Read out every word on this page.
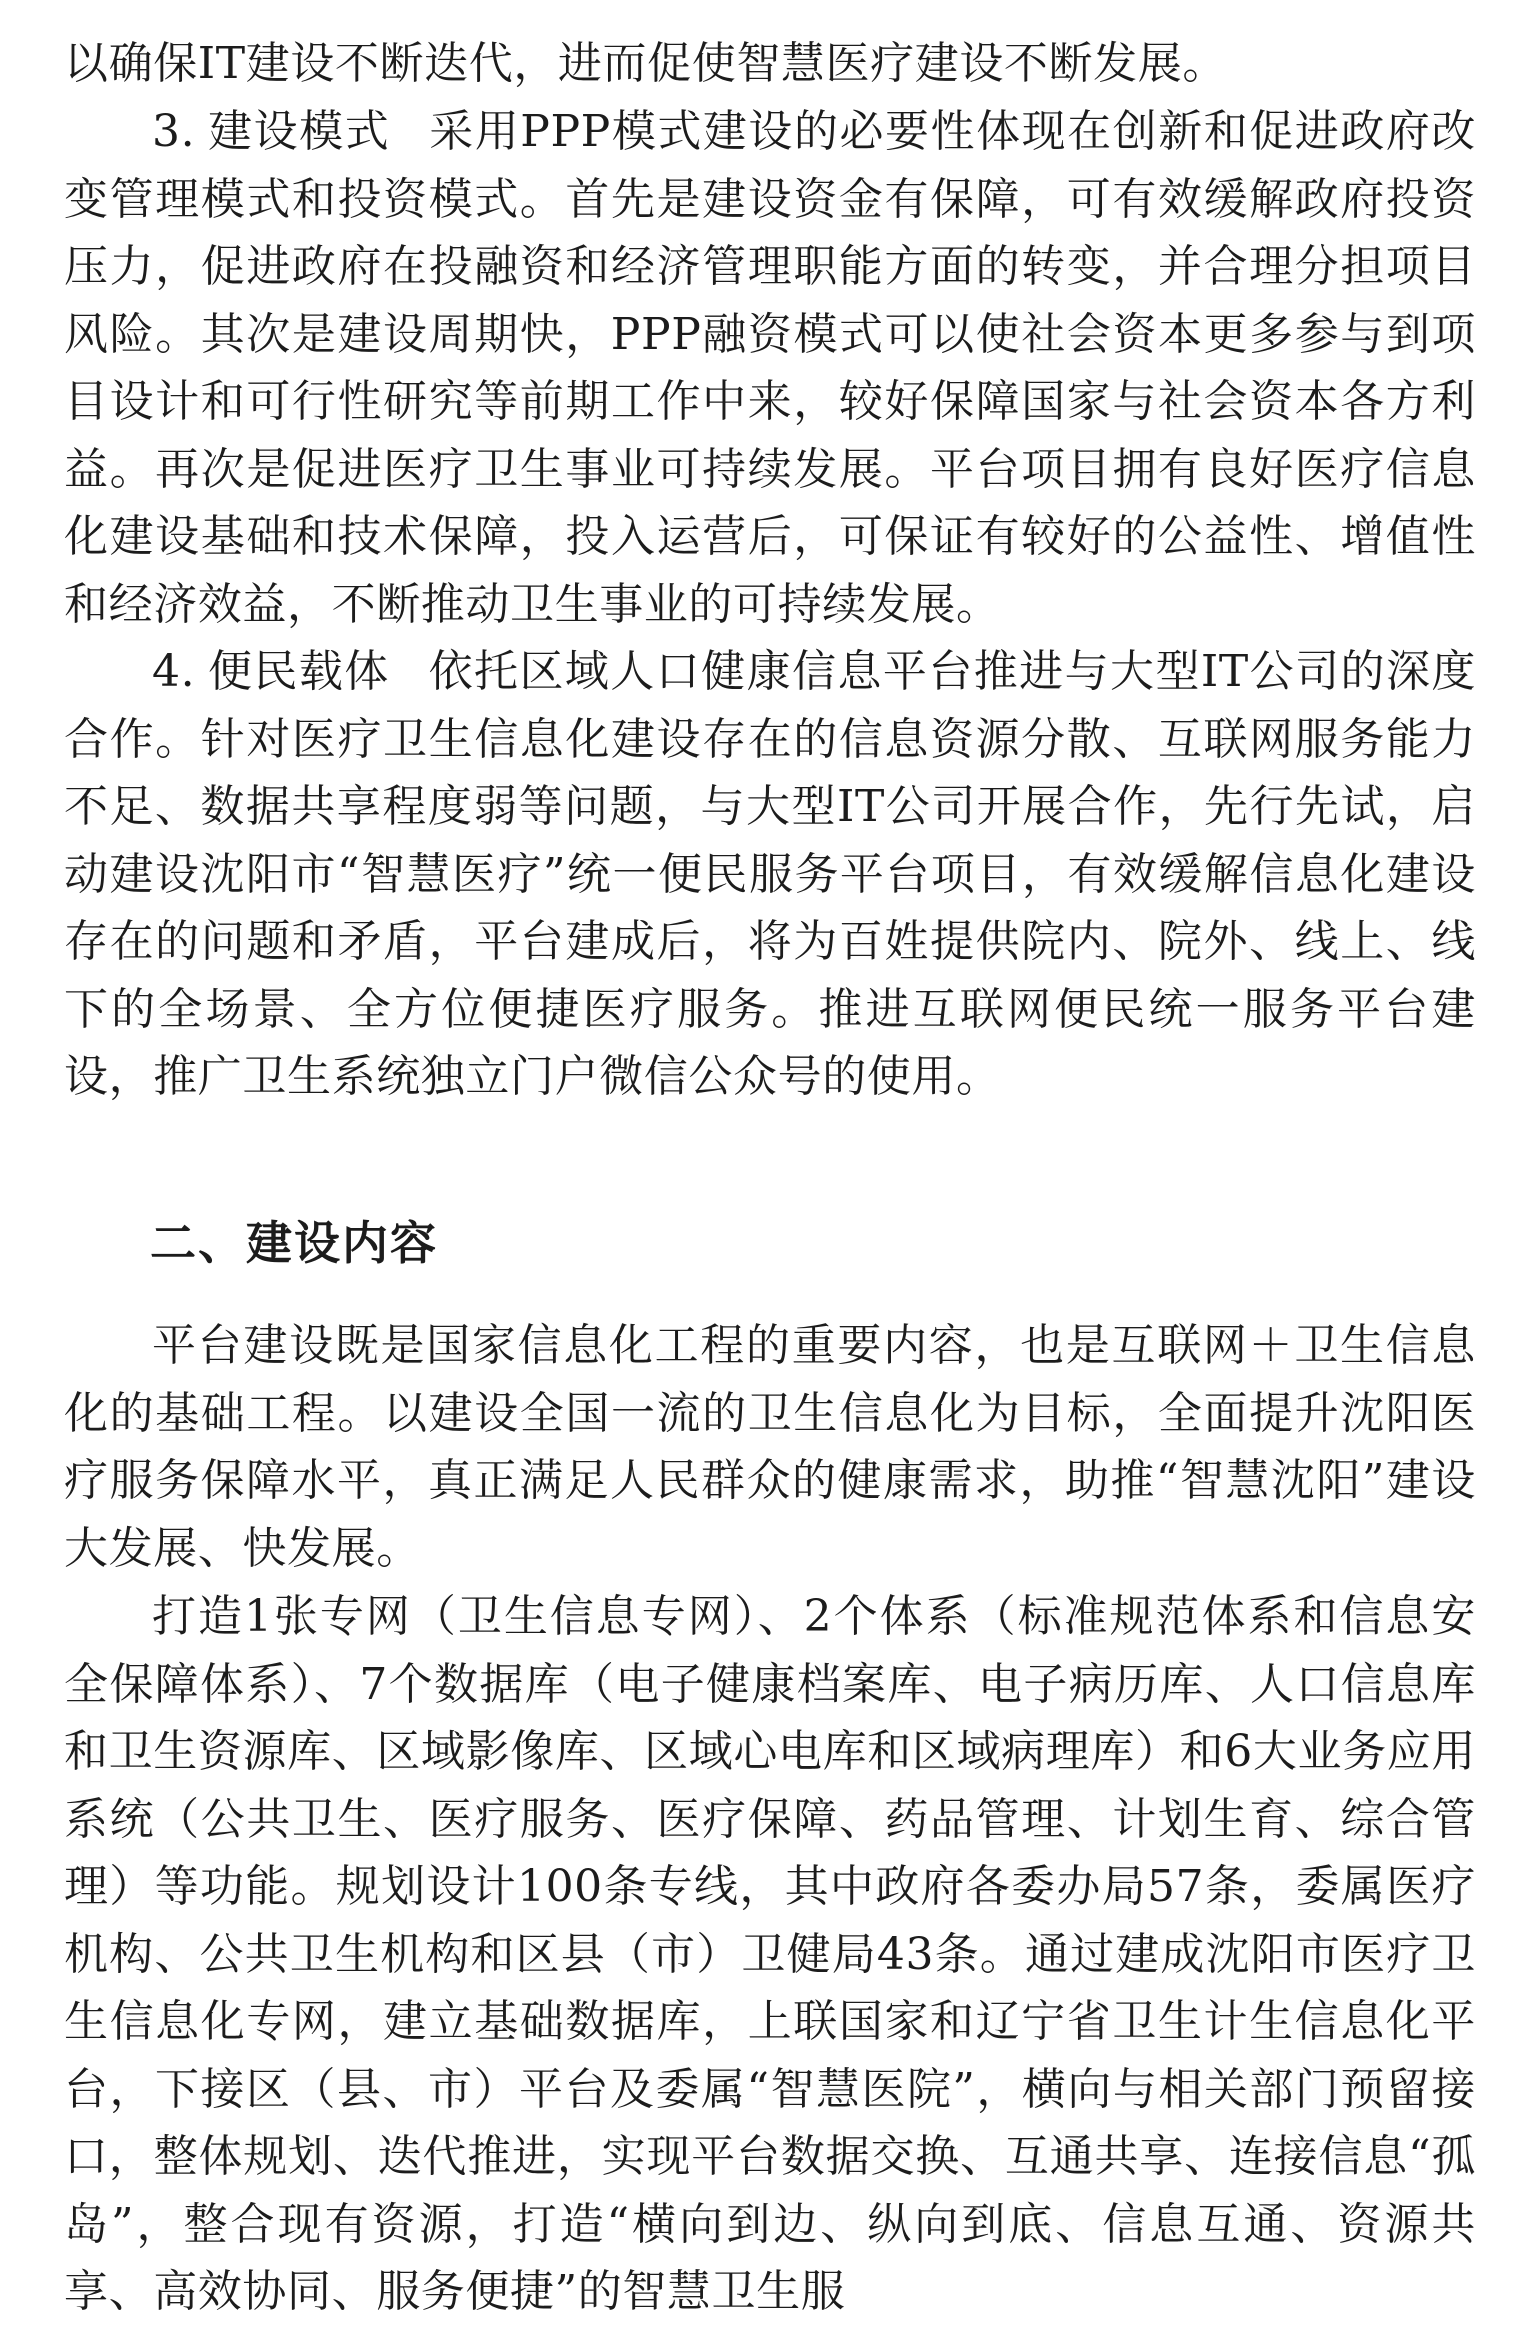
以确保IT建设不断迭代，进而促使智慧医疗建设不断发展。
3. 建设模式 采用PPP模式建设的必要性体现在创新和促进政府改变管理模式和投资模式。首先是建设资金有保障，可有效缓解政府投资压力，促进政府在投融资和经济管理职能方面的转变，并合理分担项目风险。其次是建设周期快，PPP融资模式可以使社会资本更多参与到项目设计和可行性研究等前期工作中来，较好保障国家与社会资本各方利益。再次是促进医疗卫生事业可持续发展。平台项目拥有良好医疗信息化建设基础和技术保障，投入运营后，可保证有较好的公益性、增值性和经济效益，不断推动卫生事业的可持续发展。
4. 便民载体 依托区域人口健康信息平台推进与大型IT公司的深度合作。针对医疗卫生信息化建设存在的信息资源分散、互联网服务能力不足、数据共享程度弱等问题，与大型IT公司开展合作，先行先试，启动建设沈阳市“智慧医疗”统一便民服务平台项目，有效缓解信息化建设存在的问题和矛盾，平台建成后，将为百姓提供院内、院外、线上、线下的全场景、全方位便捷医疗服务。推进互联网便民统一服务平台建设，推广卫生系统独立门户微信公众号的使用。
二、建设内容
平台建设既是国家信息化工程的重要内容，也是互联网＋卫生信息化的基础工程。以建设全国一流的卫生信息化为目标，全面提升沈阳医疗服务保障水平，真正满足人民群众的健康需求，助推“智慧沈阳”建设大发展、快发展。
打造1张专网（卫生信息专网）、2个体系（标准规范体系和信息安全保障体系）、7个数据库（电子健康档案库、电子病历库、人口信息库和卫生资源库、区域影像库、区域心电库和区域病理库）和6大业务应用系统（公共卫生、医疗服务、医疗保障、药品管理、计划生育、综合管理）等功能。规划设计100条专线，其中政府各委办局57条，委属医疗机构、公共卫生机构和区县（市）卫健局43条。通过建成沈阳市医疗卫生信息化专网，建立基础数据库，上联国家和辽宁省卫生计生信息化平台，下接区（县、市）平台及委属“智慧医院”，横向与相关部门预留接口，整体规划、迭代推进，实现平台数据交换、互通共享、连接信息“孤岛”，整合现有资源，打造“横向到边、纵向到底、信息互通、资源共享、高效协同、服务便捷”的智慧卫生服
